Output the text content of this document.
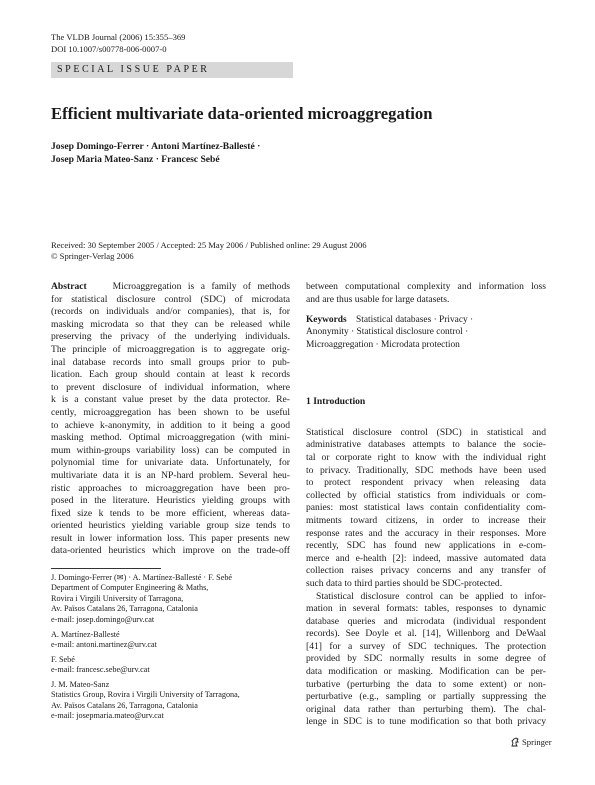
The VLDB Journal (2006) 15:355–369
DOI 10.1007/s00778-006-0007-0
SPECIAL ISSUE PAPER
Efficient multivariate data-oriented microaggregation
Josep Domingo-Ferrer · Antoni Martínez-Ballesté ·
Josep Maria Mateo-Sanz · Francesc Sebé
Received: 30 September 2005 / Accepted: 25 May 2006 / Published online: 29 August 2006
© Springer-Verlag 2006
Abstract	Microaggregation is a family of methods
for statistical disclosure control (SDC) of microdata
(records on individuals and/or companies), that is, for
masking microdata so that they can be released while
preserving the privacy of the underlying individuals.
The principle of microaggregation is to aggregate orig-
inal database records into small groups prior to pub-
lication. Each group should contain at least k records
to prevent disclosure of individual information, where
k is a constant value preset by the data protector. Re-
cently, microaggregation has been shown to be useful
to achieve k-anonymity, in addition to it being a good
masking method. Optimal microaggregation (with mini-
mum within-groups variability loss) can be computed in
polynomial time for univariate data. Unfortunately, for
multivariate data it is an NP-hard problem. Several heu-
ristic approaches to microaggregation have been pro-
posed in the literature. Heuristics yielding groups with
fixed size k tends to be more efficient, whereas data-
oriented heuristics yielding variable group size tends to
result in lower information loss. This paper presents new
data-oriented heuristics which improve on the trade-off
J. Domingo-Ferrer (✉) · A. Martínez-Ballesté · F. Sebé
Department of Computer Engineering & Maths,
Rovira i Virgili University of Tarragona,
Av. Països Catalans 26, Tarragona, Catalonia
e-mail: josep.domingo@urv.cat
A. Martínez-Ballesté
e-mail: antoni.martinez@urv.cat
F. Sebé
e-mail: francesc.sebe@urv.cat
J. M. Mateo-Sanz
Statistics Group, Rovira i Virgili University of Tarragona,
Av. Països Catalans 26, Tarragona, Catalonia
e-mail: josepmaria.mateo@urv.cat
between computational complexity and information loss
and are thus usable for large datasets.
Keywords Statistical databases · Privacy ·
Anonymity · Statistical disclosure control ·
Microaggregation · Microdata protection
1 Introduction
Statistical disclosure control (SDC) in statistical and
administrative databases attempts to balance the socie-
tal or corporate right to know with the individual right
to privacy. Traditionally, SDC methods have been used
to protect respondent privacy when releasing data
collected by official statistics from individuals or com-
panies: most statistical laws contain confidentiality com-
mitments toward citizens, in order to increase their
response rates and the accuracy in their responses. More
recently, SDC has found new applications in e-com-
merce and e-health [2]: indeed, massive automated data
collection raises privacy concerns and any transfer of
such data to third parties should be SDC-protected.
Statistical disclosure control can be applied to infor-
mation in several formats: tables, responses to dynamic
database queries and microdata (individual respondent
records). See Doyle et al. [14], Willenborg and DeWaal
[41] for a survey of SDC techniques. The protection
provided by SDC normally results in some degree of
data modification or masking. Modification can be per-
turbative (perturbing the data to some extent) or non-
perturbative (e.g., sampling or partially suppressing the
original data rather than perturbing them). The chal-
lenge in SDC is to tune modification so that both privacy
Springer
